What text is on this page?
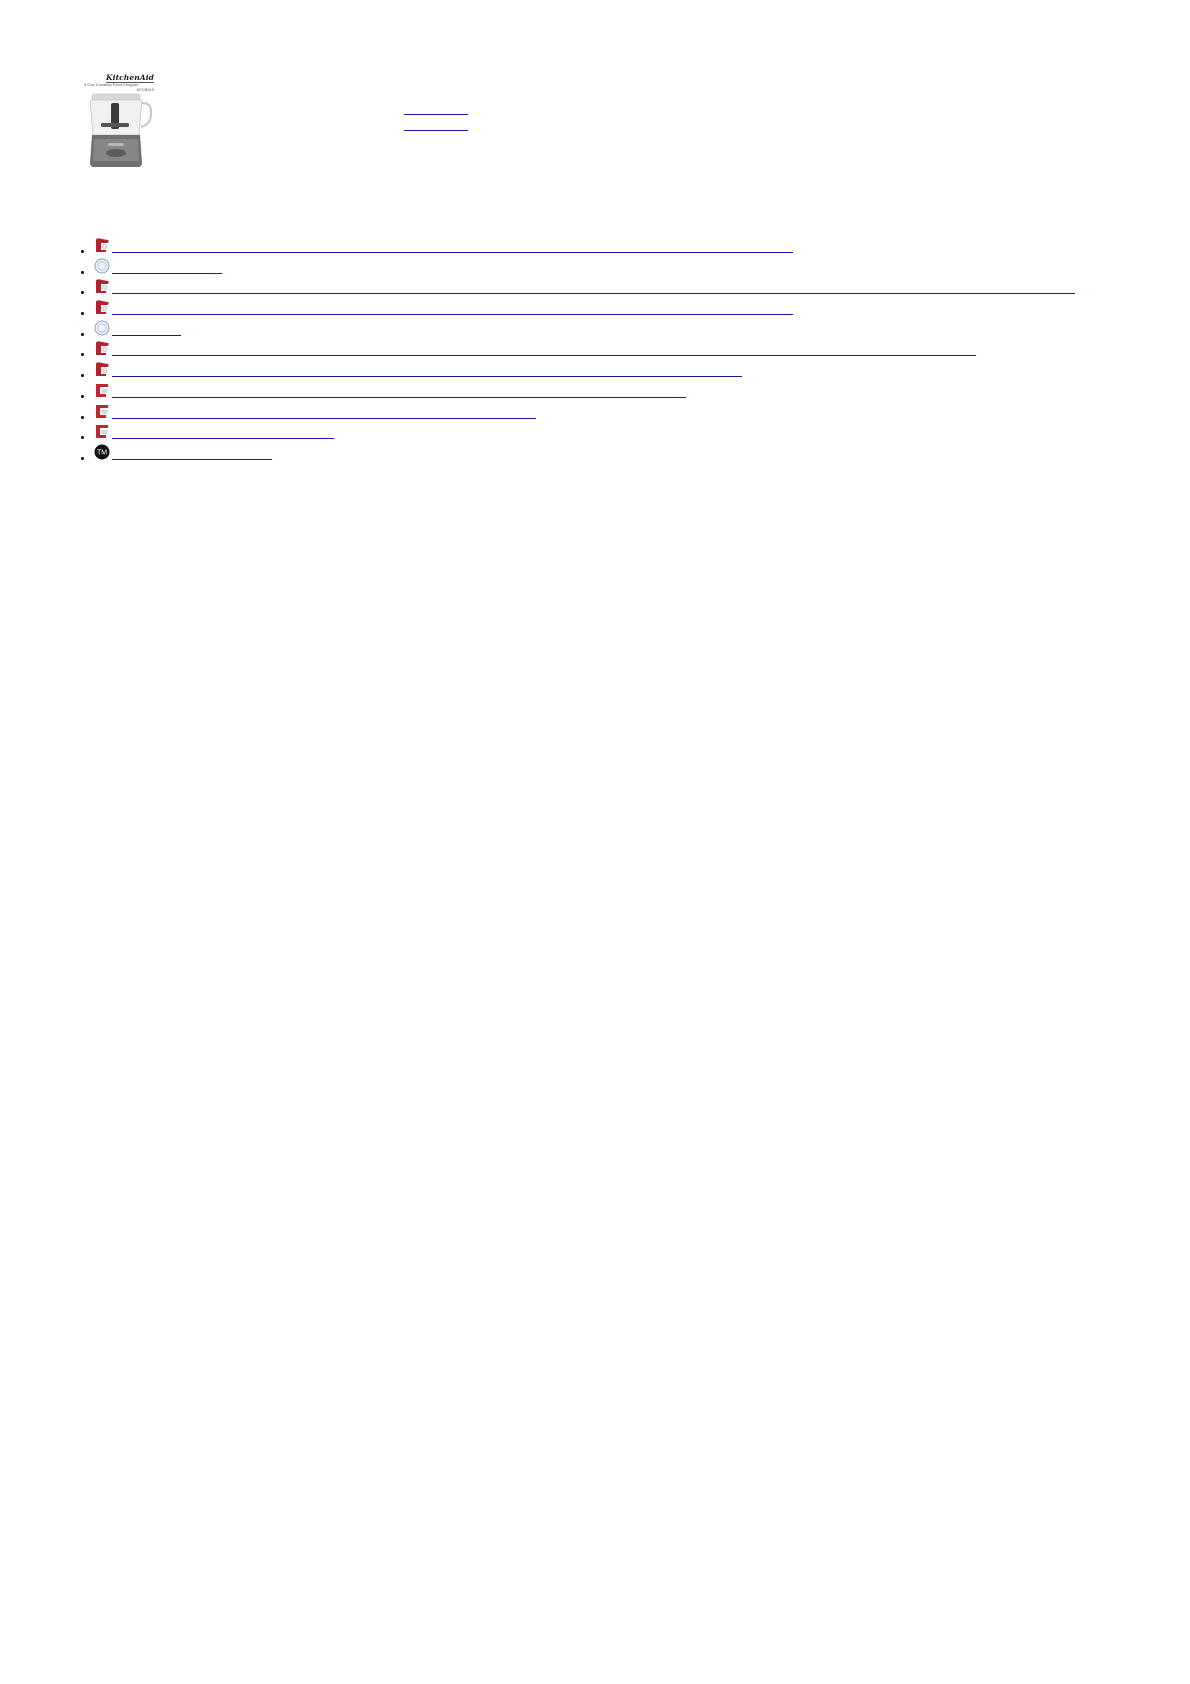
KitchenAid
5 Cup Cordless Food Chopper
KFCB519
TM
